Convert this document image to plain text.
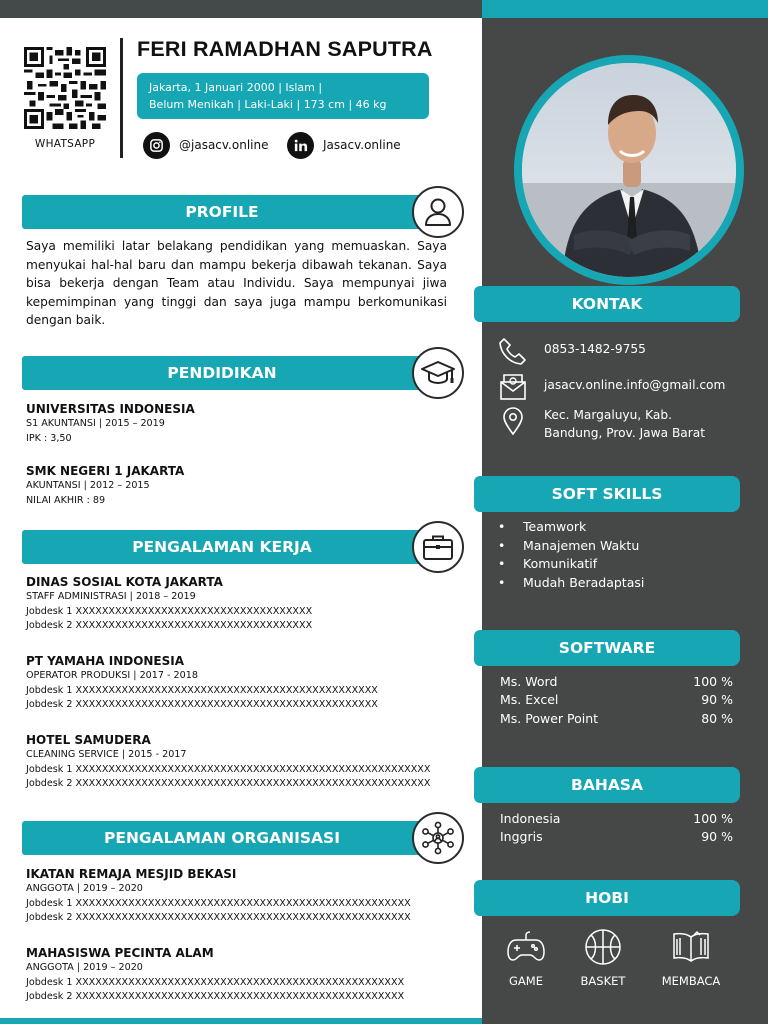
WHATSAPP
FERI RAMADHAN SAPUTRA
Jakarta, 1 Januari 2000 | Islam |
Belum Menikah | Laki-Laki | 173 cm | 46 kg
@jasacv.online	Jasacv.online
PROFILE
Saya memiliki latar belakang pendidikan yang memuaskan. Saya menyukai hal-hal baru dan mampu bekerja dibawah tekanan. Saya bisa bekerja dengan Team atau Individu. Saya mempunyai jiwa kepemimpinan yang tinggi dan saya juga mampu berkomunikasi dengan baik.
PENDIDIKAN
UNIVERSITAS INDONESIA
S1 AKUNTANSI | 2015 – 2019
IPK : 3,50
SMK NEGERI 1 JAKARTA
AKUNTANSI | 2012 – 2015
NILAI AKHIR : 89
PENGALAMAN KERJA
DINAS SOSIAL KOTA JAKARTA
STAFF ADMINISTRASI | 2018 – 2019
Jobdesk 1 XXXXXXXXXXXXXXXXXXXXXXXXXXXXXXXXXXXX
Jobdesk 2 XXXXXXXXXXXXXXXXXXXXXXXXXXXXXXXXXXXX
PT YAMAHA INDONESIA
OPERATOR PRODUKSI | 2017 - 2018
Jobdesk 1 XXXXXXXXXXXXXXXXXXXXXXXXXXXXXXXXXXXXXXXXXXXXXX
Jobdesk 2 XXXXXXXXXXXXXXXXXXXXXXXXXXXXXXXXXXXXXXXXXXXXXX
HOTEL SAMUDERA
CLEANING SERVICE | 2015 - 2017
Jobdesk 1 XXXXXXXXXXXXXXXXXXXXXXXXXXXXXXXXXXXXXXXXXXXXXXXXXXXXXX
Jobdesk 2 XXXXXXXXXXXXXXXXXXXXXXXXXXXXXXXXXXXXXXXXXXXXXXXXXXXXXX
PENGALAMAN ORGANISASI
IKATAN REMAJA MESJID BEKASI
ANGGOTA | 2019 – 2020
Jobdesk 1 XXXXXXXXXXXXXXXXXXXXXXXXXXXXXXXXXXXXXXXXXXXXXXXXXXX
Jobdesk 2 XXXXXXXXXXXXXXXXXXXXXXXXXXXXXXXXXXXXXXXXXXXXXXXXXXX
MAHASISWA PECINTA ALAM
ANGGOTA | 2019 – 2020
Jobdesk 1 XXXXXXXXXXXXXXXXXXXXXXXXXXXXXXXXXXXXXXXXXXXXXXXXXX
Jobdesk 2 XXXXXXXXXXXXXXXXXXXXXXXXXXXXXXXXXXXXXXXXXXXXXXXXXX
KONTAK
0853-1482-9755
jasacv.online.info@gmail.com
Kec. Margaluyu, Kab.
Bandung, Prov. Jawa Barat
SOFT SKILLS
•	Teamwork
•	Manajemen Waktu
•	Komunikatif
•	Mudah Beradaptasi
SOFTWARE
Ms. Word	100 %
Ms. Excel	90 %
Ms. Power Point	80 %
BAHASA
Indonesia	100 %
Inggris	90 %
HOBI
GAME	BASKET	MEMBACA
